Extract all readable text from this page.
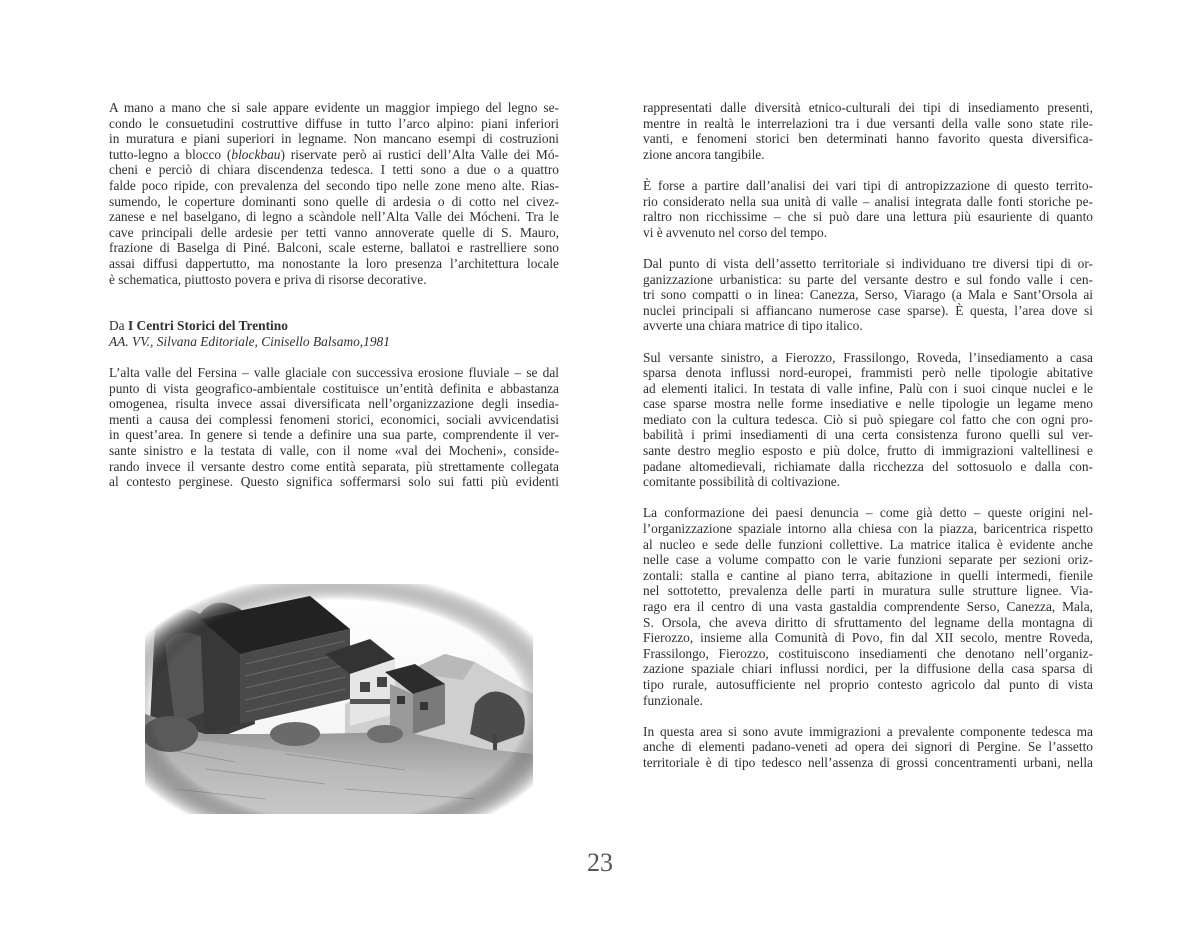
A mano a mano che si sale appare evidente un maggior impiego del legno se-
condo le consuetudini costruttive diffuse in tutto l’arco alpino: piani inferiori
in muratura e piani superiori in legname. Non mancano esempi di costruzioni
tutto-legno a blocco (blockbau) riservate però ai rustici dell’Alta Valle dei Mó-
cheni e perciò di chiara discendenza tedesca. I tetti sono a due o a quattro
falde poco ripide, con prevalenza del secondo tipo nelle zone meno alte. Rias-
sumendo, le coperture dominanti sono quelle di ardesia o di cotto nel civez-
zanese e nel baselgano, di legno a scàndole nell’Alta Valle dei Mócheni. Tra le
cave principali delle ardesie per tetti vanno annoverate quelle di S. Mauro,
frazione di Baselga di Piné. Balconi, scale esterne, ballatoi e rastrelliere sono
assai diffusi dappertutto, ma nonostante la loro presenza l’architettura locale
è schematica, piuttosto povera e priva di risorse decorative.
Da I Centri Storici del Trentino
AA. VV., Silvana Editoriale, Cinisello Balsamo,1981
L’alta valle del Fersina – valle glaciale con successiva erosione fluviale – se dal
punto di vista geografico-ambientale costituisce un’entità definita e abbastanza
omogenea, risulta invece assai diversificata nell’organizzazione degli insedia-
menti a causa dei complessi fenomeni storici, economici, sociali avvicendatisi
in quest’area. In genere si tende a definire una sua parte, comprendente il ver-
sante sinistro e la testata di valle, con il nome «val dei Mocheni», conside-
rando invece il versante destro come entità separata, più strettamente collegata
al contesto perginese. Questo significa soffermarsi solo sui fatti più evidenti
rappresentati dalle diversità etnico-culturali dei tipi di insediamento presenti,
mentre in realtà le interrelazioni tra i due versanti della valle sono state rile-
vanti, e fenomeni storici ben determinati hanno favorito questa diversifica-
zione ancora tangibile.
È forse a partire dall’analisi dei vari tipi di antropizzazione di questo territo-
rio considerato nella sua unità di valle – analisi integrata dalle fonti storiche pe-
raltro non ricchissime – che si può dare una lettura più esauriente di quanto
vi è avvenuto nel corso del tempo.
Dal punto di vista dell’assetto territoriale si individuano tre diversi tipi di or-
ganizzazione urbanistica: su parte del versante destro e sul fondo valle i cen-
tri sono compatti o in linea: Canezza, Serso, Viarago (a Mala e Sant’Orsola ai
nuclei principali si affiancano numerose case sparse). È questa, l’area dove si
avverte una chiara matrice di tipo italico.
Sul versante sinistro, a Fierozzo, Frassilongo, Roveda, l’insediamento a casa
sparsa denota influssi nord-europei, frammisti però nelle tipologie abitative
ad elementi italici. In testata di valle infine, Palù con i suoi cinque nuclei e le
case sparse mostra nelle forme insediative e nelle tipologie un legame meno
mediato con la cultura tedesca. Ciò si può spiegare col fatto che con ogni pro-
babilità i primi insediamenti di una certa consistenza furono quelli sul ver-
sante destro meglio esposto e più dolce, frutto di immigrazioni valtellinesi e
padane altomedievali, richiamate dalla ricchezza del sottosuolo e dalla con-
comitante possibilità di coltivazione.
La conformazione dei paesi denuncia – come già detto – queste origini nel-
l’organizzazione spaziale intorno alla chiesa con la piazza, baricentrica rispetto
al nucleo e sede delle funzioni collettive. La matrice italica è evidente anche
nelle case a volume compatto con le varie funzioni separate per sezioni oriz-
zontali: stalla e cantine al piano terra, abitazione in quelli intermedi, fienile
nel sottotetto, prevalenza delle parti in muratura sulle strutture lignee. Via-
rago era il centro di una vasta gastaldia comprendente Serso, Canezza, Mala,
S. Orsola, che aveva diritto di sfruttamento del legname della montagna di
Fierozzo, insieme alla Comunità di Povo, fin dal XII secolo, mentre Roveda,
Frassilongo, Fierozzo, costituiscono insediamenti che denotano nell’organiz-
zazione spaziale chiari influssi nordici, per la diffusione della casa sparsa di
tipo rurale, autosufficiente nel proprio contesto agricolo dal punto di vista
funzionale.
In questa area si sono avute immigrazioni a prevalente componente tedesca ma
anche di elementi padano-veneti ad opera dei signori di Pergine. Se l’assetto
territoriale è di tipo tedesco nell’assenza di grossi concentramenti urbani, nella
23
